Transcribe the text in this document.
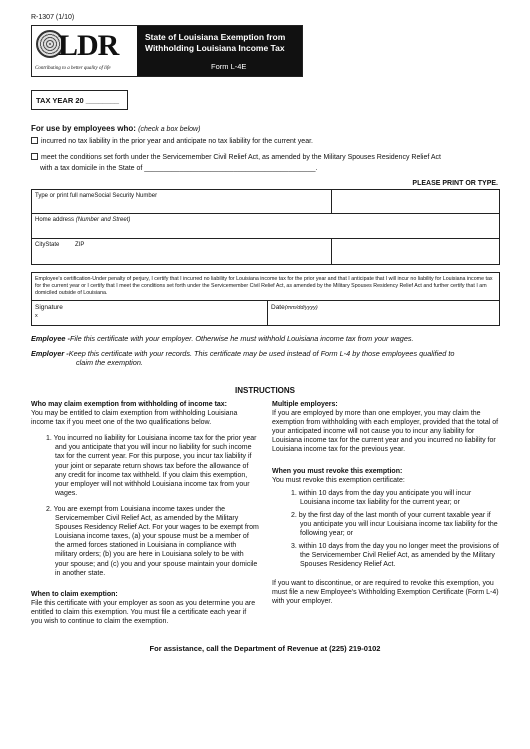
R-1307 (1/10)
LDR
Contributing to a better quality of life
State of Louisiana Exemption from
Withholding Louisiana Income Tax
Form L-4E
TAX YEAR 20 ________
For use by employees who: (check a box below)
incurred no tax liability in the prior year and anticipate no tax liability for the current year.
meet the conditions set forth under the Servicemember Civil Relief Act, as amended by the Military Spouses Residency Relief Act
with a tax domicile in the State of ____________________________________________.
PLEASE PRINT OR TYPE.
Type or print full nameSocial Security Number
Home address (Number and Street)
CityState	ZIP
Employee's certification-Under penalty of perjury, I certify that I incurred no liability for Louisiana income tax for the prior year and that I anticipate that I will incur no liability for Louisiana income tax for the current year or I certify that I meet the conditions set forth under the Servicemember Civil Relief Act, as amended by the Military Spouses Residency Relief Act and further certify that I am domiciled outside of Louisiana.
Signature
x
Date(mm/dd/yyyy)
Employee -File this certificate with your employer. Otherwise he must withhold Louisiana income tax from your wages.
Employer -Keep this certificate with your records. This certificate may be used instead of Form L-4 by those employees qualified to
claim the exemption.
INSTRUCTIONS

Who may claim exemption from withholding of income tax:

You may be entitled to claim exemption from withholding Louisiana income tax if you meet one of the two qualifications below.

1. You incurred no liability for Louisiana income tax for the prior year and you anticipate that you will incur no liability for such income tax for the current year. For this purpose, you incur tax liability if your joint or separate return shows tax before the allowance of any credit for income tax withheld. If you claim this exemption, your employer will not withhold Louisiana income tax from your wages.

2. You are exempt from Louisiana income taxes under the Servicemember Civil Relief Act, as amended by the Military Spouses Residency Relief Act. For your wages to be exempt from Louisiana income taxes, (a) your spouse must be a member of the armed forces stationed in Louisiana in compliance with military orders; (b) you are here in Louisiana solely to be with your spouse; and (c) you and your spouse maintain your domicile in another state.

When to claim exemption:

File this certificate with your employer as soon as you determine you are entitled to claim this exemption. You must file a certificate each year if you wish to continue to claim the exemption.

Multiple employers:

If you are employed by more than one employer, you may claim the exemption from withholding with each employer, provided that the total of your anticipated income will not cause you to incur any liability for Louisiana income tax for the current year and you incurred no liability for Louisiana income tax for the previous year.

When you must revoke this exemption:

You must revoke this exemption certificate:

1. within 10 days from the day you anticipate you will incur Louisiana income tax liability for the current year; or

2. by the first day of the last month of your current taxable year if you anticipate you will incur Louisiana income tax liability for the following year; or

3. within 10 days from the day you no longer meet the provisions of the Servicemember Civil Relief Act, as amended by the Military Spouses Residency Relief Act.

If you want to discontinue, or are required to revoke this exemption, you must file a new Employee's Withholding Exemption Certificate (Form L-4) with your employer.

For assistance, call the Department of Revenue at (225) 219-0102
